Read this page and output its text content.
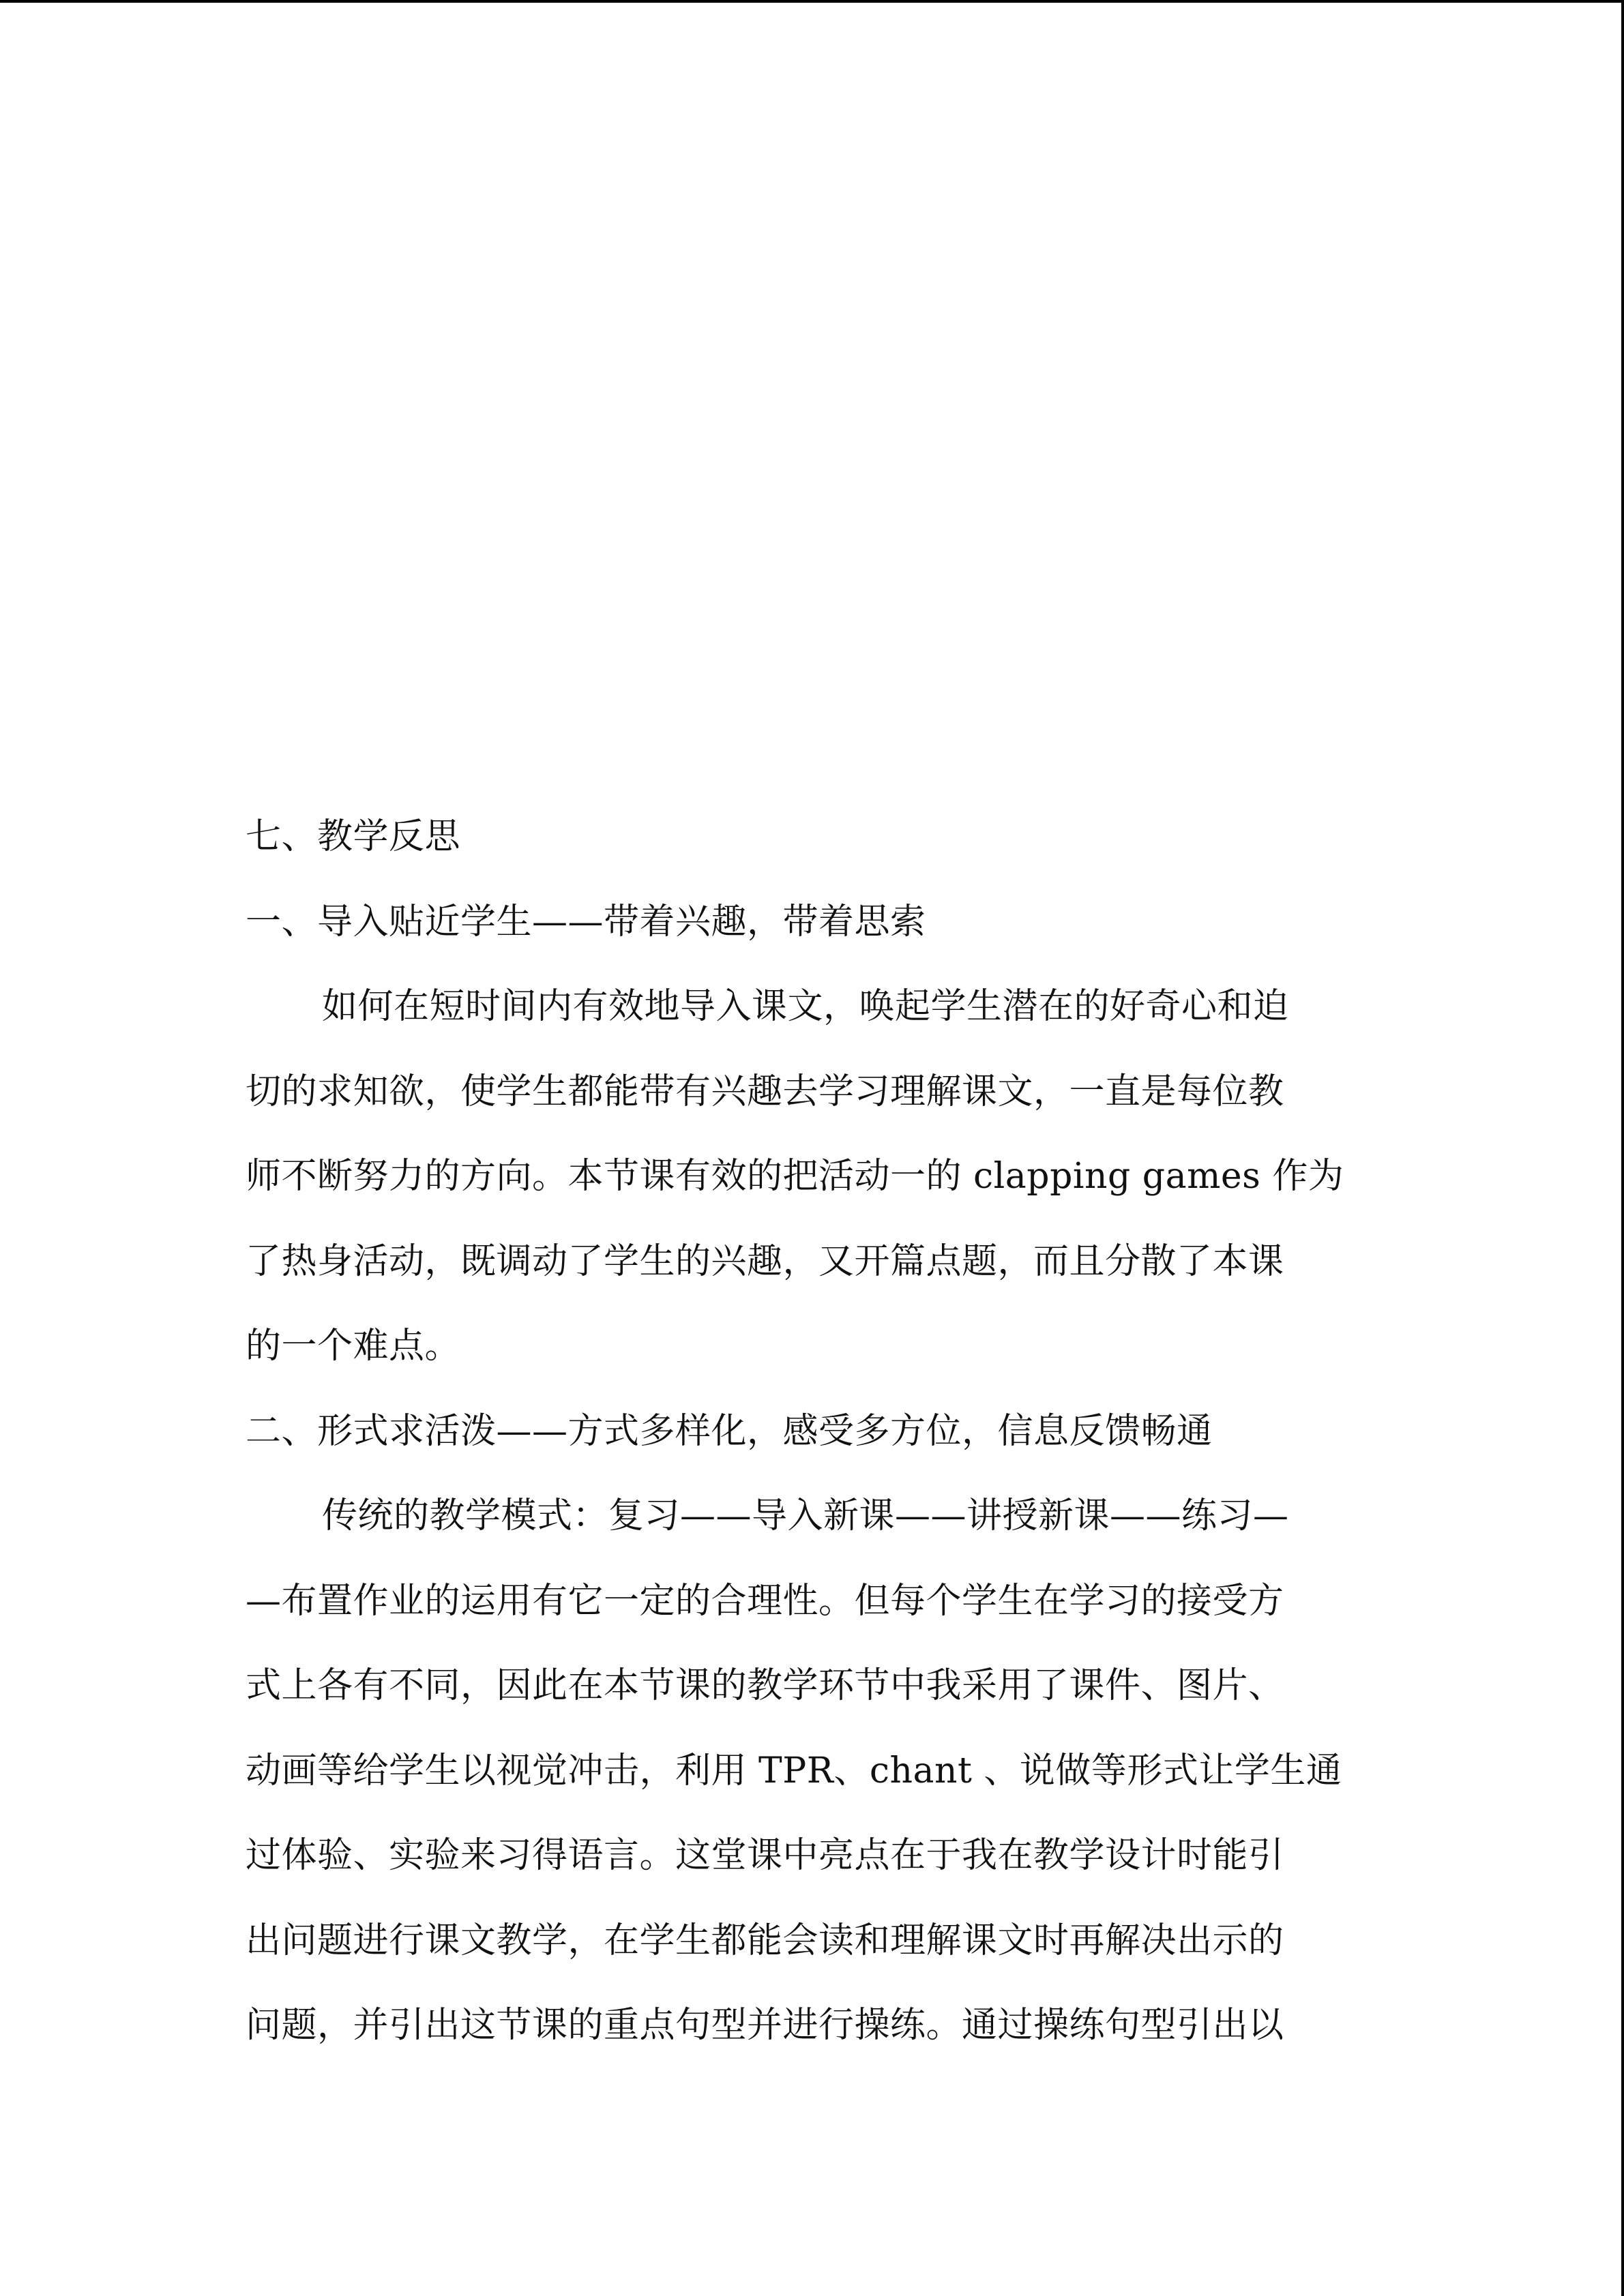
七、教学反思
一、导入贴近学生——带着兴趣，带着思索
如何在短时间内有效地导入课文，唤起学生潜在的好奇心和迫
切的求知欲，使学生都能带有兴趣去学习理解课文，一直是每位教
师不断努力的方向。本节课有效的把活动一的 clapping games 作为
了热身活动，既调动了学生的兴趣，又开篇点题，而且分散了本课
的一个难点。
二、形式求活泼——方式多样化，感受多方位，信息反馈畅通
传统的教学模式：复习——导入新课——讲授新课——练习—
—布置作业的运用有它一定的合理性。但每个学生在学习的接受方
式上各有不同，因此在本节课的教学环节中我采用了课件、图片、
动画等给学生以视觉冲击，利用 TPR、chant 、说做等形式让学生通
过体验、实验来习得语言。这堂课中亮点在于我在教学设计时能引
出问题进行课文教学，在学生都能会读和理解课文时再解决出示的
问题，并引出这节课的重点句型并进行操练。通过操练句型引出以
